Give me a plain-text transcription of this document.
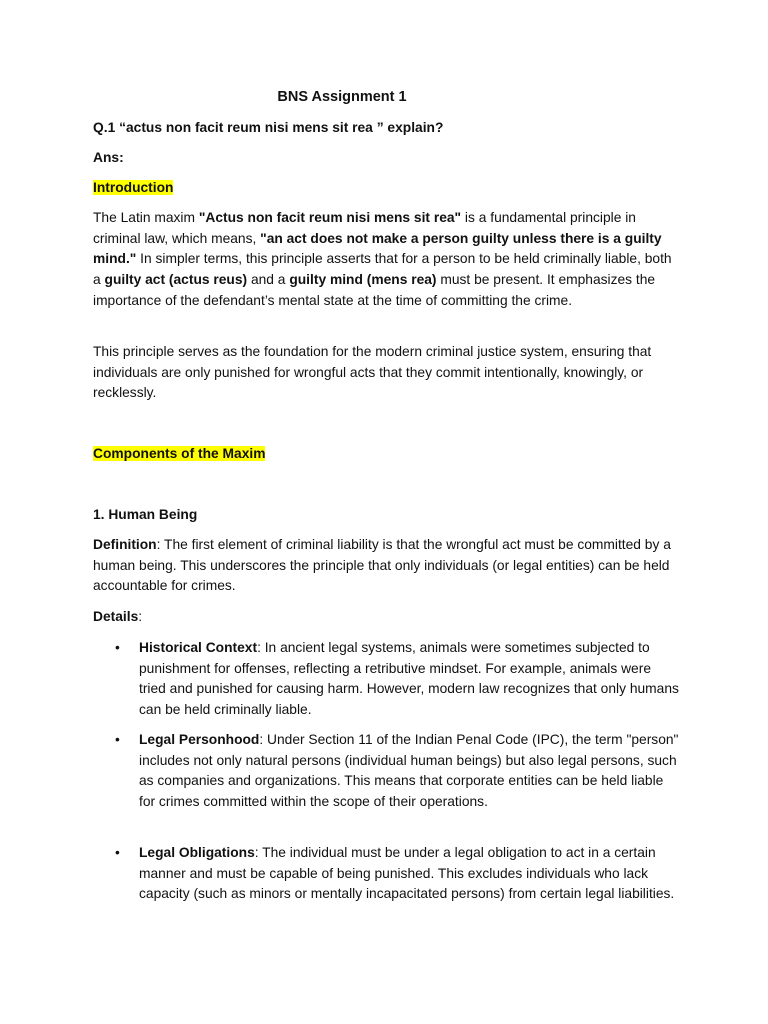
BNS Assignment 1
Q.1 “actus non facit reum nisi mens sit rea ” explain?
Ans:
Introduction

The Latin maxim "Actus non facit reum nisi mens sit rea" is a fundamental principle in criminal law, which means, "an act does not make a person guilty unless there is a guilty mind." In simpler terms, this principle asserts that for a person to be held criminally liable, both a guilty act (actus reus) and a guilty mind (mens rea) must be present. It emphasizes the importance of the defendant’s mental state at the time of committing the crime.

This principle serves as the foundation for the modern criminal justice system, ensuring that individuals are only punished for wrongful acts that they commit intentionally, knowingly, or recklessly.

Components of the Maxim
1. Human Being

Definition: The first element of criminal liability is that the wrongful act must be committed by a human being. This underscores the principle that only individuals (or legal entities) can be held accountable for crimes.

Details:

•	Historical Context: In ancient legal systems, animals were sometimes subjected to punishment for offenses, reflecting a retributive mindset. For example, animals were tried and punished for causing harm. However, modern law recognizes that only humans can be held criminally liable.
•	Legal Personhood: Under Section 11 of the Indian Penal Code (IPC), the term "person" includes not only natural persons (individual human beings) but also legal persons, such as companies and organizations. This means that corporate entities can be held liable for crimes committed within the scope of their operations.
•	Legal Obligations: The individual must be under a legal obligation to act in a certain manner and must be capable of being punished. This excludes individuals who lack capacity (such as minors or mentally incapacitated persons) from certain legal liabilities.
